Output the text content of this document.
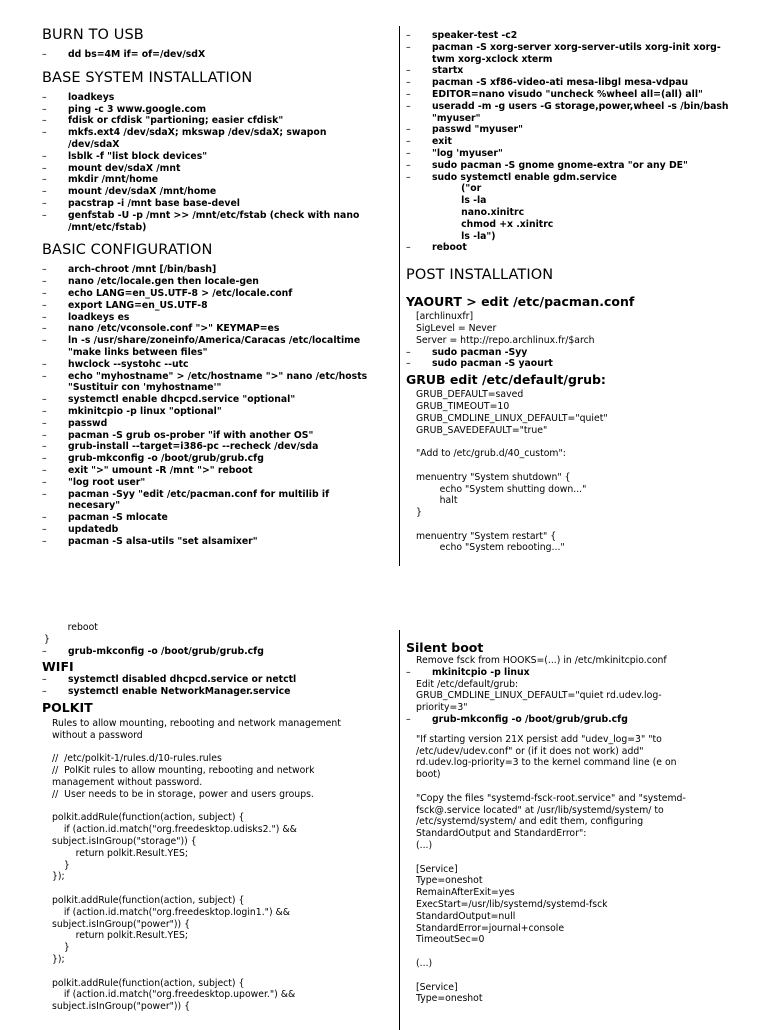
BURN TO USB
– dd bs=4M if= of=/dev/sdX
BASE SYSTEM INSTALLATION
– loadkeys
– ping -c 3 www.google.com
– fdisk or cfdisk "partioning; easier cfdisk"
– mkfs.ext4 /dev/sdaX; mkswap /dev/sdaX; swapon
/dev/sdaX
– lsblk -f "list block devices"
– mount dev/sdaX /mnt
– mkdir /mnt/home
– mount /dev/sdaX /mnt/home
– pacstrap -i /mnt base base-devel
– genfstab -U -p /mnt >> /mnt/etc/fstab (check with nano
/mnt/etc/fstab)
BASIC CONFIGURATION
– arch-chroot /mnt [/bin/bash]
– nano /etc/locale.gen then locale-gen
– echo LANG=en_US.UTF-8 > /etc/locale.conf
– export LANG=en_US.UTF-8
– loadkeys es
– nano /etc/vconsole.conf ">" KEYMAP=es
– ln -s /usr/share/zoneinfo/America/Caracas /etc/localtime
"make links between files"
– hwclock --systohc --utc
– echo "myhostname" > /etc/hostname ">" nano /etc/hosts
"Sustituir con 'myhostname'"
– systemctl enable dhcpcd.service "optional"
– mkinitcpio -p linux "optional"
– passwd
– pacman -S grub os-prober "if with another OS"
– grub-install --target=i386-pc --recheck /dev/sda
– grub-mkconfig -o /boot/grub/grub.cfg
– exit ">" umount -R /mnt ">" reboot
– "log root user"
– pacman -Syy "edit /etc/pacman.conf for multilib if
necesary"
– pacman -S mlocate
– updatedb
– pacman -S alsa-utils "set alsamixer"
– speaker-test -c2
– pacman -S xorg-server xorg-server-utils xorg-init xorg-
twm xorg-xclock xterm
– startx
– pacman -S xf86-video-ati mesa-libgl mesa-vdpau
– EDITOR=nano visudo "uncheck %wheel all=(all) all"
– useradd -m -g users -G storage,power,wheel -s /bin/bash
"myuser"
– passwd "myuser"
– exit
– "log 'myuser"
– sudo pacman -S gnome gnome-extra "or any DE"
– sudo systemctl enable gdm.service
("or
ls -la
nano.xinitrc
chmod +x .xinitrc
ls -la")
– reboot
POST INSTALLATION
YAOURT > edit /etc/pacman.conf
[archlinuxfr]
SigLevel = Never
Server = http://repo.archlinux.fr/$arch
– sudo pacman -Syy
– sudo pacman -S yaourt
GRUB edit /etc/default/grub:
GRUB_DEFAULT=saved
GRUB_TIMEOUT=10
GRUB_CMDLINE_LINUX_DEFAULT="quiet"
GRUB_SAVEDEFAULT="true"

"Add to /etc/grub.d/40_custom":

menuentry "System shutdown" {
echo "System shutting down..."
halt
}

menuentry "System restart" {
echo "System rebooting..."
reboot
}
– grub-mkconfig -o /boot/grub/grub.cfg
WIFI
– systemctl disabled dhcpcd.service or netctl
– systemctl enable NetworkManager.service
POLKIT
Rules to allow mounting, rebooting and network management
without a password

//  /etc/polkit-1/rules.d/10-rules.rules
//  PolKit rules to allow mounting, rebooting and network
management without password.
//  User needs to be in storage, power and users groups.

polkit.addRule(function(action, subject) {
if (action.id.match("org.freedesktop.udisks2.") &&
subject.isInGroup("storage")) {
return polkit.Result.YES;
}
});

polkit.addRule(function(action, subject) {
if (action.id.match("org.freedesktop.login1.") &&
subject.isInGroup("power")) {
return polkit.Result.YES;
}
});

polkit.addRule(function(action, subject) {
if (action.id.match("org.freedesktop.upower.") &&
subject.isInGroup("power")) {
Silent boot
Remove fsck from HOOKS=(...) in /etc/mkinitcpio.conf
– mkinitcpio -p linux
Edit /etc/default/grub:
GRUB_CMDLINE_LINUX_DEFAULT="quiet rd.udev.log-
priority=3"
– grub-mkconfig -o /boot/grub/grub.cfg
"If starting version 21X persist add "udev_log=3" "to
/etc/udev/udev.conf" or (if it does not work) add"
rd.udev.log-priority=3 to the kernel command line (e on
boot)

"Copy the files "systemd-fsck-root.service" and "systemd-
fsck@.service located" at /usr/lib/systemd/system/ to
/etc/systemd/system/ and edit them, configuring
StandardOutput and StandardError":
(...)

[Service]
Type=oneshot
RemainAfterExit=yes
ExecStart=/usr/lib/systemd/systemd-fsck
StandardOutput=null
StandardError=journal+console
TimeoutSec=0

(...)

[Service]
Type=oneshot
